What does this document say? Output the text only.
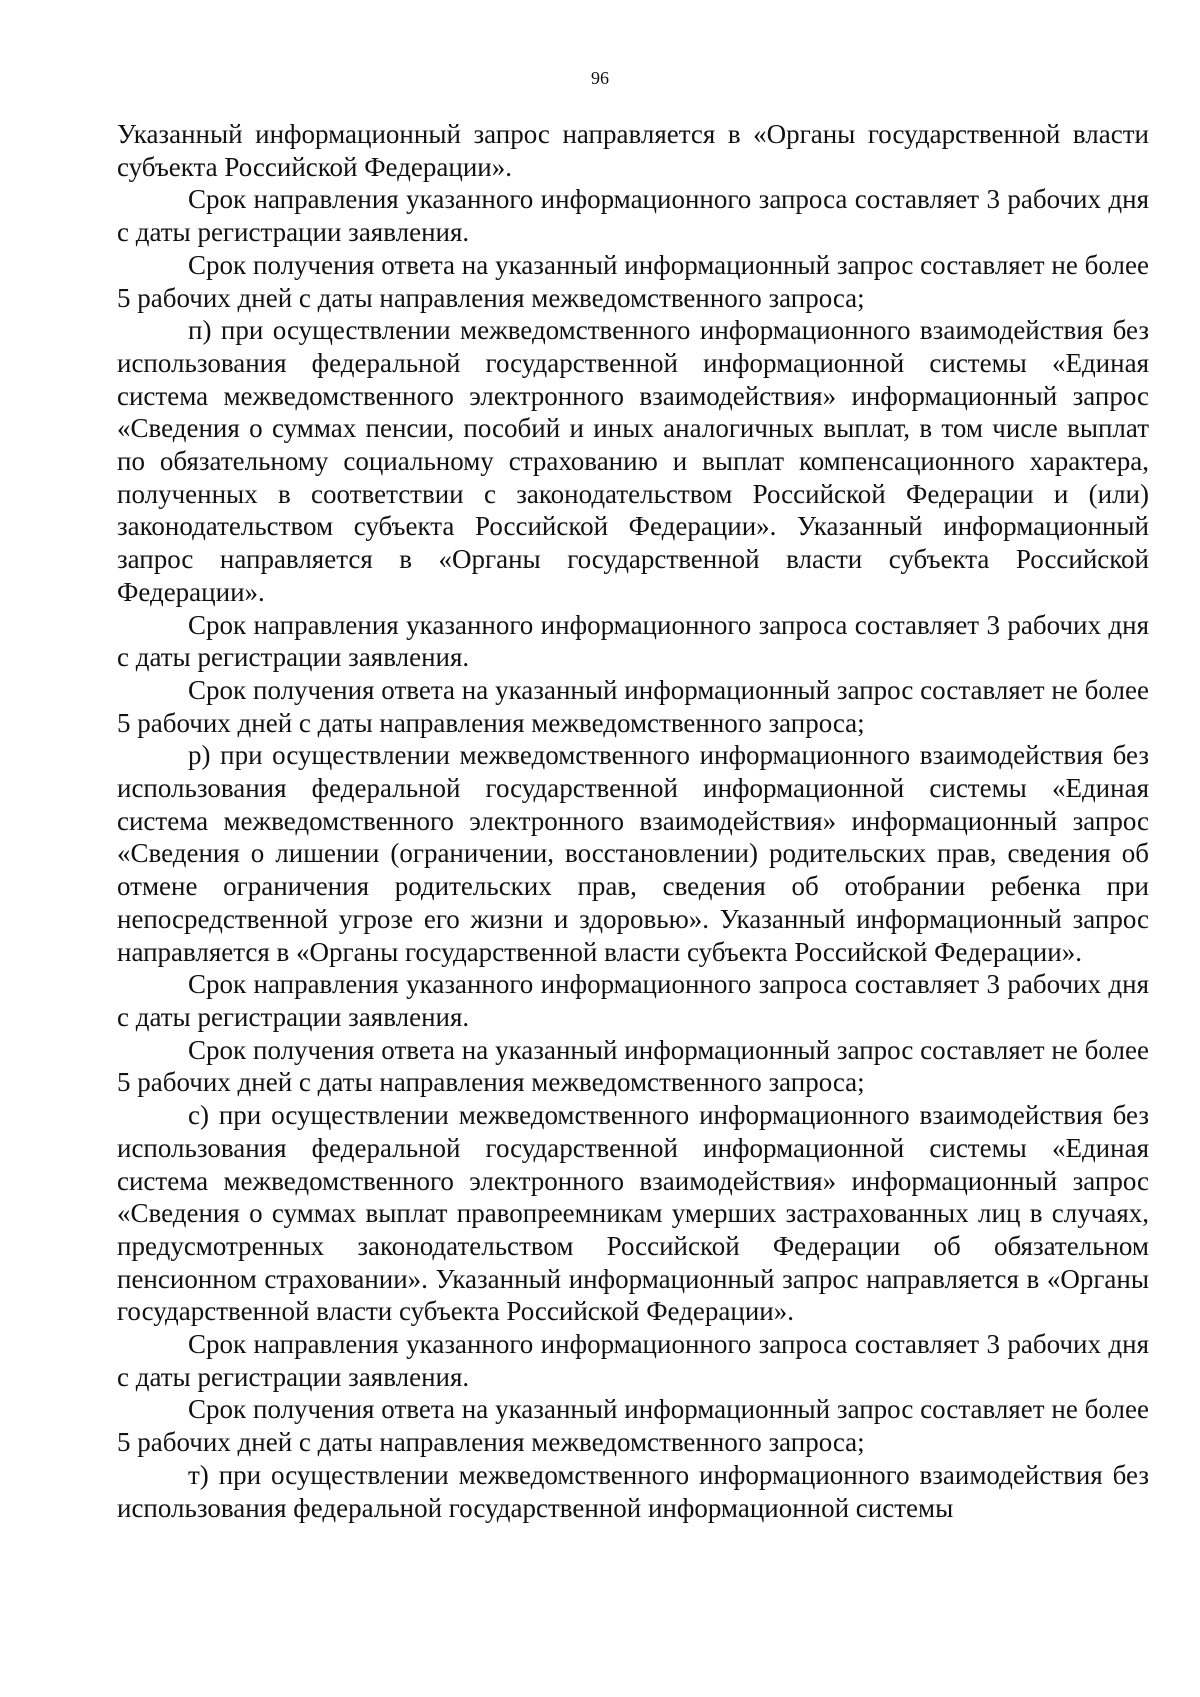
96

Указанный информационный запрос направляется в «Органы государственной власти субъекта Российской Федерации».

Срок направления указанного информационного запроса составляет 3 рабочих дня с даты регистрации заявления.

Срок получения ответа на указанный информационный запрос составляет не более 5 рабочих дней с даты направления межведомственного запроса;

п) при осуществлении межведомственного информационного взаимодействия без использования федеральной государственной информационной системы «Единая система межведомственного электронного взаимодействия» информационный запрос «Сведения о суммах пенсии, пособий и иных аналогичных выплат, в том числе выплат по обязательному социальному страхованию и выплат компенсационного характера, полученных в соответствии с законодательством Российской Федерации и (или) законодательством субъекта Российской Федерации». Указанный информационный запрос направляется в «Органы государственной власти субъекта Российской Федерации».

Срок направления указанного информационного запроса составляет 3 рабочих дня с даты регистрации заявления.

Срок получения ответа на указанный информационный запрос составляет не более 5 рабочих дней с даты направления межведомственного запроса;

р) при осуществлении межведомственного информационного взаимодействия без использования федеральной государственной информационной системы «Единая система межведомственного электронного взаимодействия» информационный запрос «Сведения о лишении (ограничении, восстановлении) родительских прав, сведения об отмене ограничения родительских прав, сведения об отобрании ребенка при непосредственной угрозе его жизни и здоровью». Указанный информационный запрос направляется в «Органы государственной власти субъекта Российской Федерации».

Срок направления указанного информационного запроса составляет 3 рабочих дня с даты регистрации заявления.

Срок получения ответа на указанный информационный запрос составляет не более 5 рабочих дней с даты направления межведомственного запроса;

с) при осуществлении межведомственного информационного взаимодействия без использования федеральной государственной информационной системы «Единая система межведомственного электронного взаимодействия» информационный запрос «Сведения о суммах выплат правопреемникам умерших застрахованных лиц в случаях, предусмотренных законодательством Российской Федерации об обязательном пенсионном страховании». Указанный информационный запрос направляется в «Органы государственной власти субъекта Российской Федерации».

Срок направления указанного информационного запроса составляет 3 рабочих дня с даты регистрации заявления.

Срок получения ответа на указанный информационный запрос составляет не более 5 рабочих дней с даты направления межведомственного запроса;

т) при осуществлении межведомственного информационного взаимодействия без использования федеральной государственной информационной системы
